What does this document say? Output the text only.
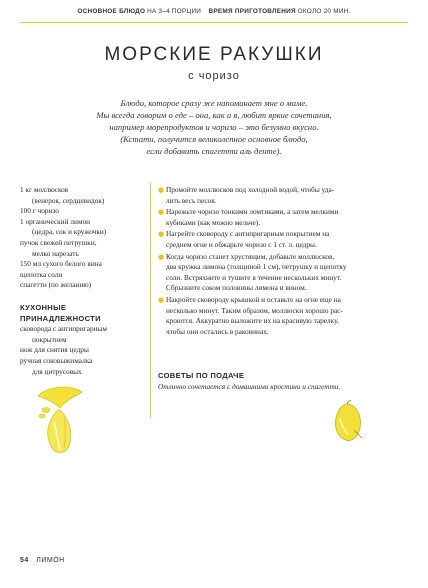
ОСНОВНОЕ БЛЮДО НА 3–4 ПОРЦИИ ВРЕМЯ ПРИГОТОВЛЕНИЯ ОКОЛО 20 МИН.
МОРСКИЕ РАКУШКИ
с чоризо
Блюдо, которое сразу же напоминает мне о маме.
Мы всегда говорим о еде – она, как и я, любит яркие сочетания,
например морепродуктов и чоризо – это безумно вкусно.
(Кстати, получится великолепное основное блюдо,
если добавить спагетти аль денте).
1 кг моллюсков
(венерок, сердцевидок)
100 г чоризо
1 органический лимон
(цедра, сок и кружочки)
пучок свежей петрушки,
мелко нарезать
150 мл сухого белого вина
щепотка соли
спагетти (по желанию)
КУХОННЫЕ
ПРИНАДЛЕЖНОСТИ
сковорода с антипригарным
покрытием
нож для снятия цедры
ручная соковыжималка
для цитрусовых
● Промойте моллюсков под холодной водой, чтобы уда-
лить весь песок.
● Нарежьте чоризо тонкими ломтиками, а затем мелкими
кубиками (как можно мельче).
● Нагрейте сковороду с антипригарным покрытием на
среднем огне и обжарьте чоризо с 1 ст. л. цедры.
● Когда чоризо станет хрустящим, добавьте моллюсков,
два кружка лимона (толщиной 1 см), петрушку и щепотку
соли. Встряхните и тушите в течение нескольких минут.
Сбрызните соком половины лимона и вином.
● Накройте сковороду крышкой и оставьте на огне еще на
несколько минут. Таким образом, моллюски хорошо рас-
кроются. Аккуратно выложите их на красивую тарелку,
чтобы они остались в раковинах.
СОВЕТЫ ПО ПОДАЧЕ
Отлично сочетается с домашними кростини и спагетти.
54 ЛИМОН
